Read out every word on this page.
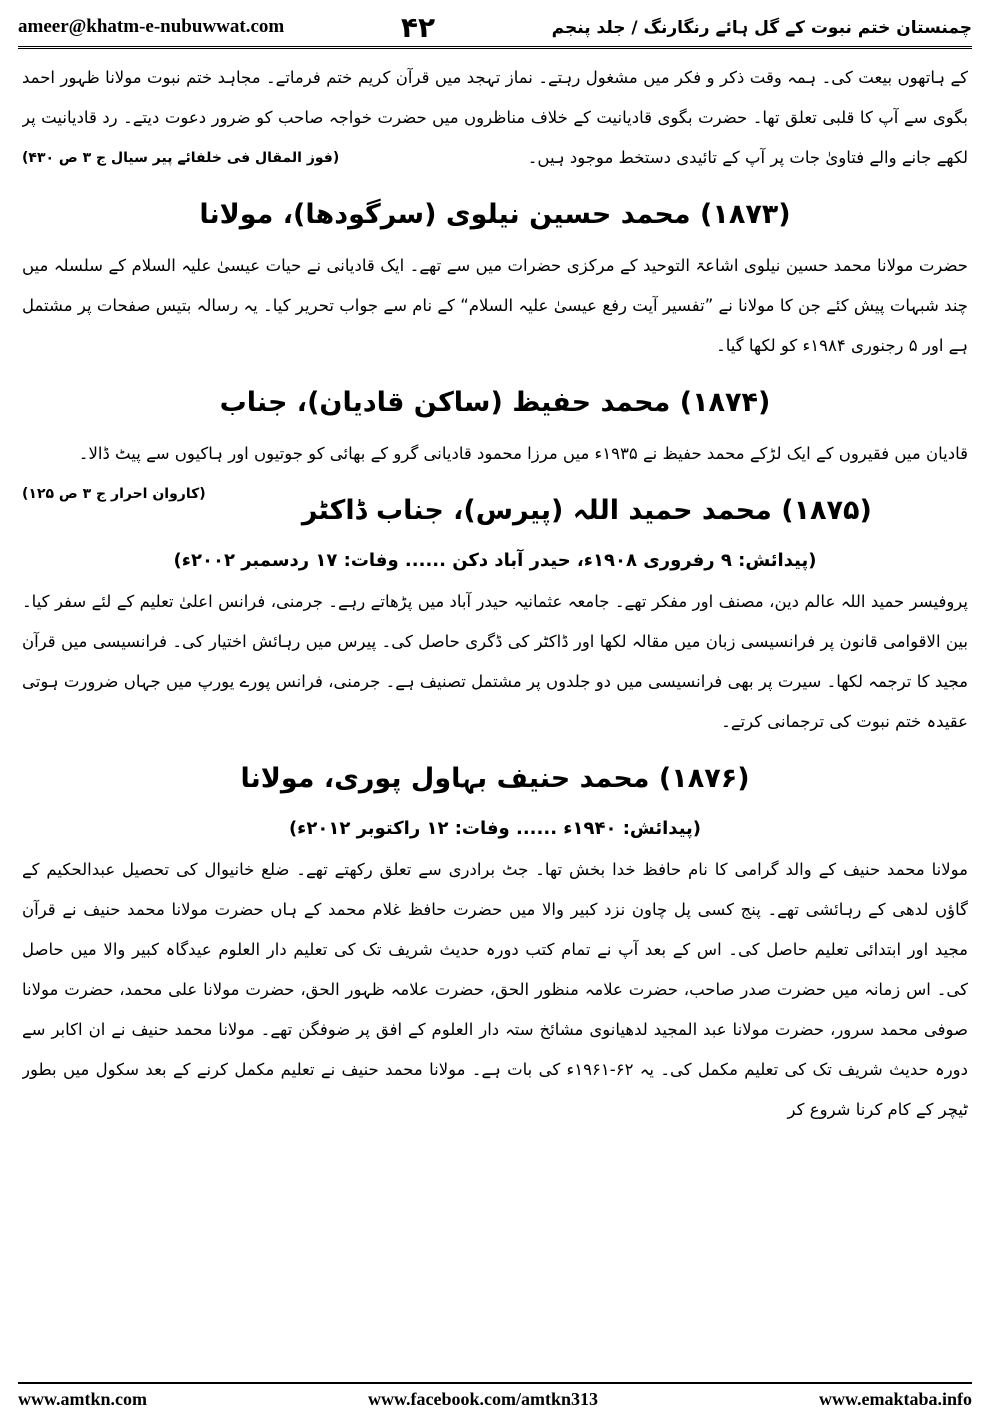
ameer@khatm-e-nubuwwat.com	۴۲	چمنستان ختم نبوت کے گل ہائے رنگارنگ / جلد پنجم

کے ہاتھوں بیعت کی۔ ہمہ وقت ذکر و فکر میں مشغول رہتے۔ نماز تہجد میں قرآن کریم ختم فرماتے۔ مجاہد ختم نبوت مولانا ظہور احمد بگوی سے آپ کا قلبی تعلق تھا۔ حضرت بگوی قادیانیت کے خلاف مناظروں میں حضرت خواجہ صاحب کو ضرور دعوت دیتے۔ رد قادیانیت پر لکھے جانے والے فتاویٰ جات پر آپ کے تائیدی دستخط موجود ہیں۔
(فوز المقال فی خلفائے پیر سیال ج ۳ ص ۴۳۰)

(۱۸۷۳) محمد حسین نیلوی (سرگودھا)، مولانا

حضرت مولانا محمد حسین نیلوی اشاعۃ التوحید کے مرکزی حضرات میں سے تھے۔ ایک قادیانی نے حیات عیسیٰ علیہ السلام کے سلسلہ میں چند شبہات پیش کئے جن کا مولانا نے ”تفسیر آیت رفع عیسیٰ علیہ السلام“ کے نام سے جواب تحریر کیا۔ یہ رسالہ بتیس صفحات پر مشتمل ہے اور ۵ رجنوری ۱۹۸۴ء کو لکھا گیا۔

(۱۸۷۴) محمد حفیظ (ساکن قادیان)، جناب

قادیان میں فقیروں کے ایک لڑکے محمد حفیظ نے ۱۹۳۵ء میں مرزا محمود قادیانی گرو کے بھائی کو جوتیوں اور ہاکیوں سے پیٹ ڈالا۔
(کاروان احرار ج ۳ ص ۱۲۵)

(۱۸۷۵) محمد حمید اللہ (پیرس)، جناب ڈاکٹر
(پیدائش: ۹ رفروری ۱۹۰۸ء، حیدر آباد دکن ...... وفات: ۱۷ ردسمبر ۲۰۰۲ء)

پروفیسر حمید اللہ عالم دین، مصنف اور مفکر تھے۔ جامعہ عثمانیہ حیدر آباد میں پڑھاتے رہے۔ جرمنی، فرانس اعلیٰ تعلیم کے لئے سفر کیا۔ بین الاقوامی قانون پر فرانسیسی زبان میں مقالہ لکھا اور ڈاکٹر کی ڈگری حاصل کی۔ پیرس میں رہائش اختیار کی۔ فرانسیسی میں قرآن مجید کا ترجمہ لکھا۔ سیرت پر بھی فرانسیسی میں دو جلدوں پر مشتمل تصنیف ہے۔ جرمنی، فرانس پورے یورپ میں جہاں ضرورت ہوتی عقیدہ ختم نبوت کی ترجمانی کرتے۔

(۱۸۷۶) محمد حنیف بہاول پوری، مولانا
(پیدائش: ۱۹۴۰ء ...... وفات: ۱۲ راکتوبر ۲۰۱۲ء)

مولانا محمد حنیف کے والد گرامی کا نام حافظ خدا بخش تھا۔ جٹ برادری سے تعلق رکھتے تھے۔ ضلع خانیوال کی تحصیل عبدالحکیم کے گاؤں لدھی کے رہائشی تھے۔ پنج کسی پل چاون نزد کبیر والا میں حضرت حافظ غلام محمد کے ہاں حضرت مولانا محمد حنیف نے قرآن مجید اور ابتدائی تعلیم حاصل کی۔ اس کے بعد آپ نے تمام کتب دورہ حدیث شریف تک کی تعلیم دار العلوم عیدگاہ کبیر والا میں حاصل کی۔ اس زمانہ میں حضرت صدر صاحب، حضرت علامہ منظور الحق، حضرت علامہ ظہور الحق، حضرت مولانا علی محمد، حضرت مولانا صوفی محمد سرور، حضرت مولانا عبد المجید لدھیانوی مشائخ ستہ دار العلوم کے افق پر ضوفگن تھے۔ مولانا محمد حنیف نے ان اکابر سے دورہ حدیث شریف تک کی تعلیم مکمل کی۔ یہ ۶۲-۱۹۶۱ء کی بات ہے۔ مولانا محمد حنیف نے تعلیم مکمل کرنے کے بعد سکول میں بطور ٹیچر کے کام کرنا شروع کر

www.amtkn.com	www.facebook.com/amtkn313	www.emaktaba.info
